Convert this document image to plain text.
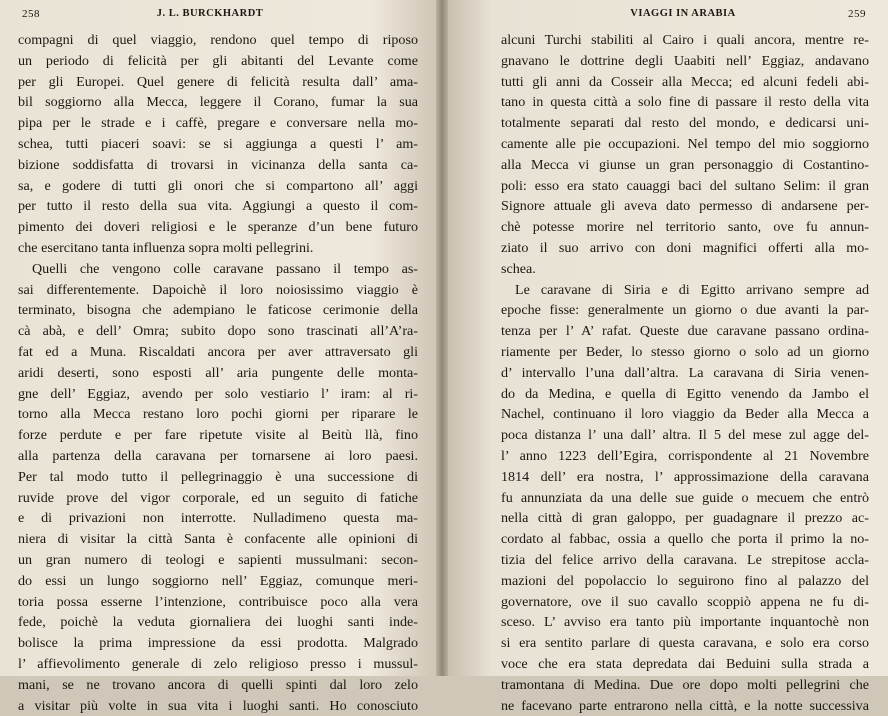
258	J. L. BURCKHARDT
compagni di quel viaggio, rendono quel tempo di riposo
un periodo di felicità per gli abitanti del Levante come
per gli Europei. Quel genere di felicità resulta dall’ ama-
bil soggiorno alla Mecca, leggere il Corano, fumar la sua
pipa per le strade e i caffè, pregare e conversare nella mo-
schea, tutti piaceri soavi: se si aggiunga a questi l’ am-
bizione soddisfatta di trovarsi in vicinanza della santa ca-
sa, e godere di tutti gli onori che si compartono all’ aggi
per tutto il resto della sua vita. Aggiungi a questo il com-
pimento dei doveri religiosi e le speranze d’un bene futuro
che esercitano tanta influenza sopra molti pellegrini.
Quelli che vengono colle caravane passano il tempo as-
sai differentemente. Dapoichè il loro noiosissimo viaggio è
terminato, bisogna che adempiano le faticose cerimonie della
cà abà, e dell’ Omra; subito dopo sono trascinati all’A’ra-
fat ed a Muna. Riscaldati ancora per aver attraversato gli
aridi deserti, sono esposti all’ aria pungente delle monta-
gne dell’ Eggiaz, avendo per solo vestiario l’ iram: al ri-
torno alla Mecca restano loro pochi giorni per riparare le
forze perdute e per fare ripetute visite al Beitù llà, fino
alla partenza della caravana per tornarsene ai loro paesi.
Per tal modo tutto il pellegrinaggio è una successione di
ruvide prove del vigor corporale, ed un seguito di fatiche
e di privazioni non interrotte. Nulladimeno questa ma-
niera di visitar la città Santa è confacente alle opinioni di
un gran numero di teologi e sapienti mussulmani: secon-
do essi un lungo soggiorno nell’ Eggiaz, comunque meri-
toria possa esserne l’intenzione, contribuisce poco alla vera
fede, poichè la veduta giornaliera dei luoghi santi inde-
bolisce la prima impressione da essi prodotta. Malgrado
l’ affievolimento generale di zelo religioso presso i mussul-
mani, se ne trovano ancora di quelli spinti dal loro zelo
a visitar più volte in sua vita i luoghi santi. Ho conosciuto
VIAGGI IN ARABIA	259
alcuni Turchi stabiliti al Cairo i quali ancora, mentre re-
gnavano le dottrine degli Uaabiti nell’ Eggiaz, andavano
tutti gli anni da Cosseir alla Mecca; ed alcuni fedeli abi-
tano in questa città a solo fine di passare il resto della vita
totalmente separati dal resto del mondo, e dedicarsi uni-
camente alle pie occupazioni. Nel tempo del mio soggiorno
alla Mecca vi giunse un gran personaggio di Costantino-
poli: esso era stato cauaggi baci del sultano Selim: il gran
Signore attuale gli aveva dato permesso di andarsene per-
chè potesse morire nel territorio santo, ove fu annun-
ziato il suo arrivo con doni magnifici offerti alla mo-
schea.
Le caravane di Siria e di Egitto arrivano sempre ad
epoche fisse: generalmente un giorno o due avanti la par-
tenza per l’ A’ rafat. Queste due caravane passano ordina-
riamente per Beder, lo stesso giorno o solo ad un giorno
d’ intervallo l’una dall’altra. La caravana di Siria venen-
do da Medina, e quella di Egitto venendo da Jambo el
Nachel, continuano il loro viaggio da Beder alla Mecca a
poca distanza l’ una dall’ altra. Il 5 del mese zul agge del-
l’ anno 1223 dell’Egira, corrispondente al 21 Novembre
1814 dell’ era nostra, l’ approssimazione della caravana
fu annunziata da una delle sue guide o mecuem che entrò
nella città di gran galoppo, per guadagnare il prezzo ac-
cordato al fabbac, ossia a quello che porta il primo la no-
tizia del felice arrivo della caravana. Le strepitose accla-
mazioni del popolaccio lo seguirono fino al palazzo del
governatore, ove il suo cavallo scoppiò appena ne fu di-
sceso. L’ avviso era tanto più importante inquantochè non
si era sentito parlare di questa caravana, e solo era corso
voce che era stata depredata dai Beduini sulla strada a
tramontana di Medina. Due ore dopo molti pellegrini che
ne facevano parte entrarono nella città, e la notte successiva
